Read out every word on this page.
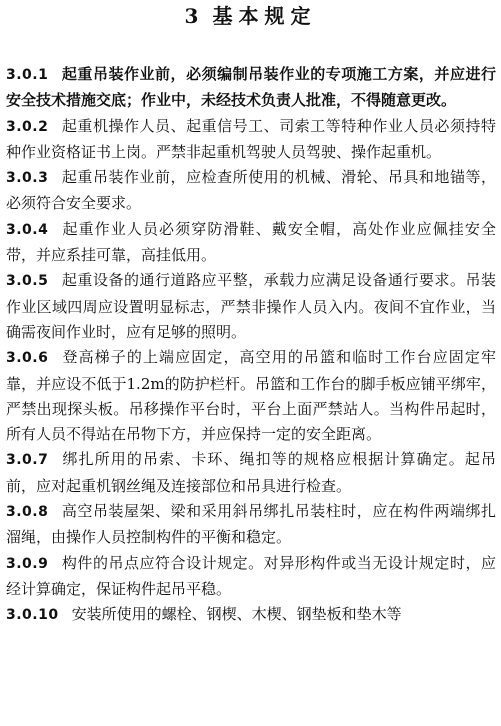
3 基本规定

3.0.1 起重吊装作业前，必须编制吊装作业的专项施工方案，并应进行安全技术措施交底；作业中，未经技术负责人批准，不得随意更改。

3.0.2 起重机操作人员、起重信号工、司索工等特种作业人员必须持特种作业资格证书上岗。严禁非起重机驾驶人员驾驶、操作起重机。

3.0.3 起重吊装作业前，应检查所使用的机械、滑轮、吊具和地锚等，必须符合安全要求。

3.0.4 起重作业人员必须穿防滑鞋、戴安全帽，高处作业应佩挂安全带，并应系挂可靠，高挂低用。

3.0.5 起重设备的通行道路应平整，承载力应满足设备通行要求。吊装作业区域四周应设置明显标志，严禁非操作人员入内。夜间不宜作业，当确需夜间作业时，应有足够的照明。

3.0.6 登高梯子的上端应固定，高空用的吊篮和临时工作台应固定牢靠，并应设不低于1.2m的防护栏杆。吊篮和工作台的脚手板应铺平绑牢，严禁出现探头板。吊移操作平台时，平台上面严禁站人。当构件吊起时，所有人员不得站在吊物下方，并应保持一定的安全距离。

3.0.7 绑扎所用的吊索、卡环、绳扣等的规格应根据计算确定。起吊前，应对起重机钢丝绳及连接部位和吊具进行检查。

3.0.8 高空吊装屋架、梁和采用斜吊绑扎吊装柱时，应在构件两端绑扎溜绳，由操作人员控制构件的平衡和稳定。

3.0.9 构件的吊点应符合设计规定。对异形构件或当无设计规定时，应经计算确定，保证构件起吊平稳。

3.0.10 安装所使用的螺栓、钢楔、木楔、钢垫板和垫木等
